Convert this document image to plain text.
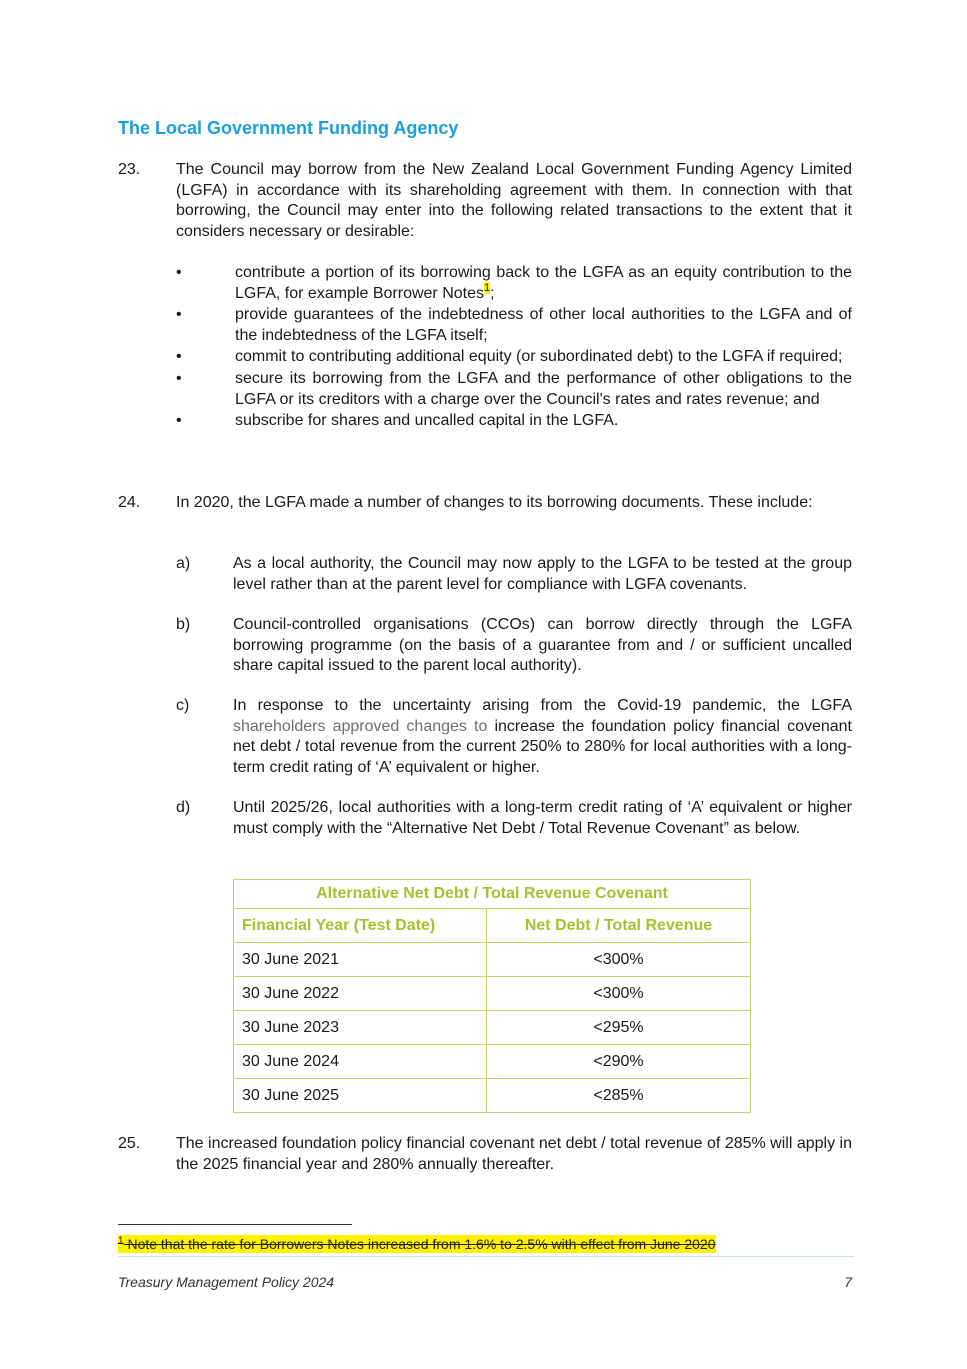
The Local Government Funding Agency
23. The Council may borrow from the New Zealand Local Government Funding Agency Limited (LGFA) in accordance with its shareholding agreement with them. In connection with that borrowing, the Council may enter into the following related transactions to the extent that it considers necessary or desirable:
•	contribute a portion of its borrowing back to the LGFA as an equity contribution to the LGFA, for example Borrower Notes$^1$;
•	provide guarantees of the indebtedness of other local authorities to the LGFA and of the indebtedness of the LGFA itself;
•	commit to contributing additional equity (or subordinated debt) to the LGFA if required;
•	secure its borrowing from the LGFA and the performance of other obligations to the LGFA or its creditors with a charge over the Council's rates and rates revenue; and
•	subscribe for shares and uncalled capital in the LGFA.
24. In 2020, the LGFA made a number of changes to its borrowing documents. These include:
a)	As a local authority, the Council may now apply to the LGFA to be tested at the group level rather than at the parent level for compliance with LGFA covenants.
b)	Council-controlled organisations (CCOs) can borrow directly through the LGFA borrowing programme (on the basis of a guarantee from and / or sufficient uncalled share capital issued to the parent local authority).
c)	In response to the uncertainty arising from the Covid-19 pandemic, the LGFA shareholders approved changes to increase the foundation policy financial covenant net debt / total revenue from the current 250% to 280% for local authorities with a long-term credit rating of ‘A’ equivalent or higher.
d)	Until 2025/26, local authorities with a long-term credit rating of ‘A’ equivalent or higher must comply with the “Alternative Net Debt / Total Revenue Covenant” as below.
Alternative Net Debt / Total Revenue Covenant	
Financial Year (Test Date)	Net Debt / Total Revenue
30 June 2021	<300%
30 June 2022	<300%
30 June 2023	<295%
30 June 2024	<290%
30 June 2025	<285%
25. The increased foundation policy financial covenant net debt / total revenue of 285% will apply in the 2025 financial year and 280% annually thereafter.
$^1$ Note that the rate for Borrowers Notes increased from 1.6% to 2.5% with effect from June 2020
Treasury Management Policy 2024	7
